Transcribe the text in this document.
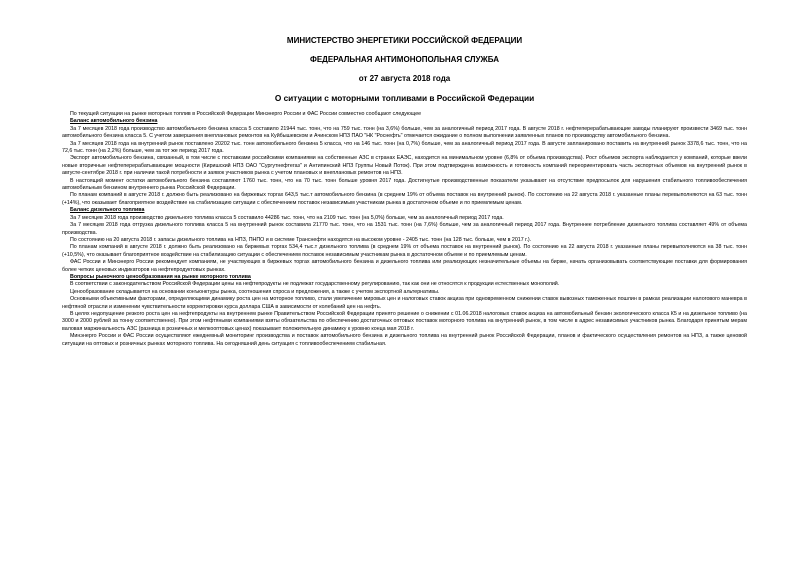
МИНИСТЕРСТВО ЭНЕРГЕТИКИ РОССИЙСКОЙ ФЕДЕРАЦИИ
ФЕДЕРАЛЬНАЯ АНТИМОНОПОЛЬНАЯ СЛУЖБА
от 27 августа 2018 года
О ситуации с моторными топливами в Российской Федерации

По текущей ситуации на рынке моторных топлив в Российской Федерации Минэнерго России и ФАС России совместно сообщают следующее

Баланс автомобильного бензина

За 7 месяцев 2018 года производство автомобильного бензина класса 5 составило 21944 тыс. тонн, что на 759 тыс. тонн (на 3,6%) больше, чем за аналогичный период 2017 года. В августе 2018 г. нефтеперерабатывающие заводы планируют произвести 3469 тыс. тонн автомобильного бензина класса 5. С учетом завершения внеплановых ремонтов на Куйбышевском и Ачинском НПЗ ПАО "НК "Роснефть" отмечается ожидание о полном выполнении заявленных планов по производству автомобильного бензина.

За 7 месяцев 2018 года на внутренний рынок поставлено 20202 тыс. тонн автомобильного бензина 5 класса, что на 146 тыс. тонн (на 0,7%) больше, чем за аналогичный период 2017 года. В августе запланировано поставить на внутренний рынок 3378,6 тыс. тонн, что на 72,6 тыс. тонн (на 2,2%) больше, чем за тот же период 2017 года.

Экспорт автомобильного бензина, связанный, в том числе с поставками российскими компаниями на собственные АЗС в странах ЕАЭС, находится на минимальном уровне (6,8% от объема производства). Рост объемов экспорта наблюдается у компаний, которые ввели новые вторичные нефтеперерабатывающие мощности (Киришский НПЗ ОАО "Сургутнефтегаз" и Антипинский НПЗ Группы Новый Поток). При этом подтверждена возможность и готовность компаний переориентировать часть экспортных объемов на внутренний рынок в августе-сентябре 2018 г. при наличии такой потребности и заявок участников рынка с учетом плановых и внеплановых ремонтов на НПЗ.

В настоящий момент остатки автомобильного бензина составляют 1760 тыс. тонн, что на 70 тыс. тонн больше уровня 2017 года. Достигнутые производственные показатели указывают на отсутствие предпосылок для нарушения стабильного топливообеспечения автомобильным бензином внутреннего рынка Российской Федерации.

По планам компаний в августе 2018 г. должно быть реализовано на биржевых торгах 643,5 тыс.т автомобильного бензина (в среднем 19% от объема поставок на внутренний рынок). По состоянию на 22 августа 2018 г. указанные планы перевыполняются на 63 тыс. тонн (+14%), что оказывает благоприятное воздействие на стабилизацию ситуации с обеспечением поставок независимым участникам рынка в достаточном объеме и по приемлемым ценам.

Баланс дизельного топлива

За 7 месяцев 2018 года производство дизельного топлива класса 5 составило 44286 тыс. тонн, что на 2109 тыс. тонн (на 5,0%) больше, чем за аналогичный период 2017 года.

За 7 месяцев 2018 года отгрузка дизельного топлива класса 5 на внутренний рынок составила 21770 тыс. тонн, что на 1531 тыс. тонн (на 7,6%) больше, чем за аналогичный период 2017 года. Внутреннее потребление дизельного топлива составляет 49% от объема производства.

По состоянию на 20 августа 2018 г. запасы дизельного топлива на НПЗ, ПНПО и в системе Транснефти находятся на высоком уровне - 2405 тыс. тонн (на 128 тыс. больше, чем в 2017 г.).

По планам компаний в августе 2018 г. должно быть реализовано на биржевых торгах 534,4 тыс.т дизельного топлива (в среднем 19% от объема поставок на внутренний рынок). По состоянию на 22 августа 2018 г. указанные планы перевыполняются на 38 тыс. тонн (+10,5%), что оказывает благоприятное воздействие на стабилизацию ситуации с обеспечением поставок независимым участникам рынка в достаточном объеме и по приемлемым ценам.

ФАС России и Минэнерго России рекомендует компаниям, не участвующих в биржевых торгах автомобильного бензина и дизельного топлива или реализующих незначительные объемы на бирже, начать организовывать соответствующие поставки для формирования более четких ценовых индикаторов на нефтепродуктовых рынках.

Вопросы рыночного ценообразования на рынке моторного топлива

В соответствии с законодательством Российской Федерации цены на нефтепродукты не подлежат государственному регулированию, так как они не относятся к продукции естественных монополий.

Ценообразование складывается на основании конъюнктуры рынка, соотношения спроса и предложения, а также с учетом экспортной альтернативы.

Основными объективными факторами, определяющими динамику роста цен на моторное топливо, стали увеличение мировых цен и налоговых ставок акциза при одновременном снижении ставок вывозных таможенных пошлин в рамках реализации налогового маневра в нефтяной отрасли и изменении чувствительности корректировки курса доллара США в зависимости от колебаний цен на нефть.

В целях недопущение резкого роста цен на нефтепродукты на внутреннем рынке Правительством Российской Федерации принято решение о снижении с 01.06.2018 налоговых ставок акциза на автомобильный бензин экологического класса К5 и на дизельное топливо (на 3000 и 2000 рублей за тонну соответственно). При этом нефтяными компаниями взяты обязательства по обеспечению достаточных оптовых поставок моторного топлива на внутренний рынок, в том числе в адрес независимых участников рынка. Благодаря принятым мерам валовая маржинальность АЗС (разница в розничных и мелкооптовых ценах) показывает положительную динамику к уровню конца мая 2018 г.

Минэнерго России и ФАС России осуществляют ежедневный мониторинг производства и поставок автомобильного бензина и дизельного топлива на внутренний рынок Российской Федерации, планов и фактического осуществления ремонтов на НПЗ, а также ценовой ситуации на оптовых и розничных рынках моторного топлива. На сегодняшний день ситуация с топливообеспечением стабильная.
